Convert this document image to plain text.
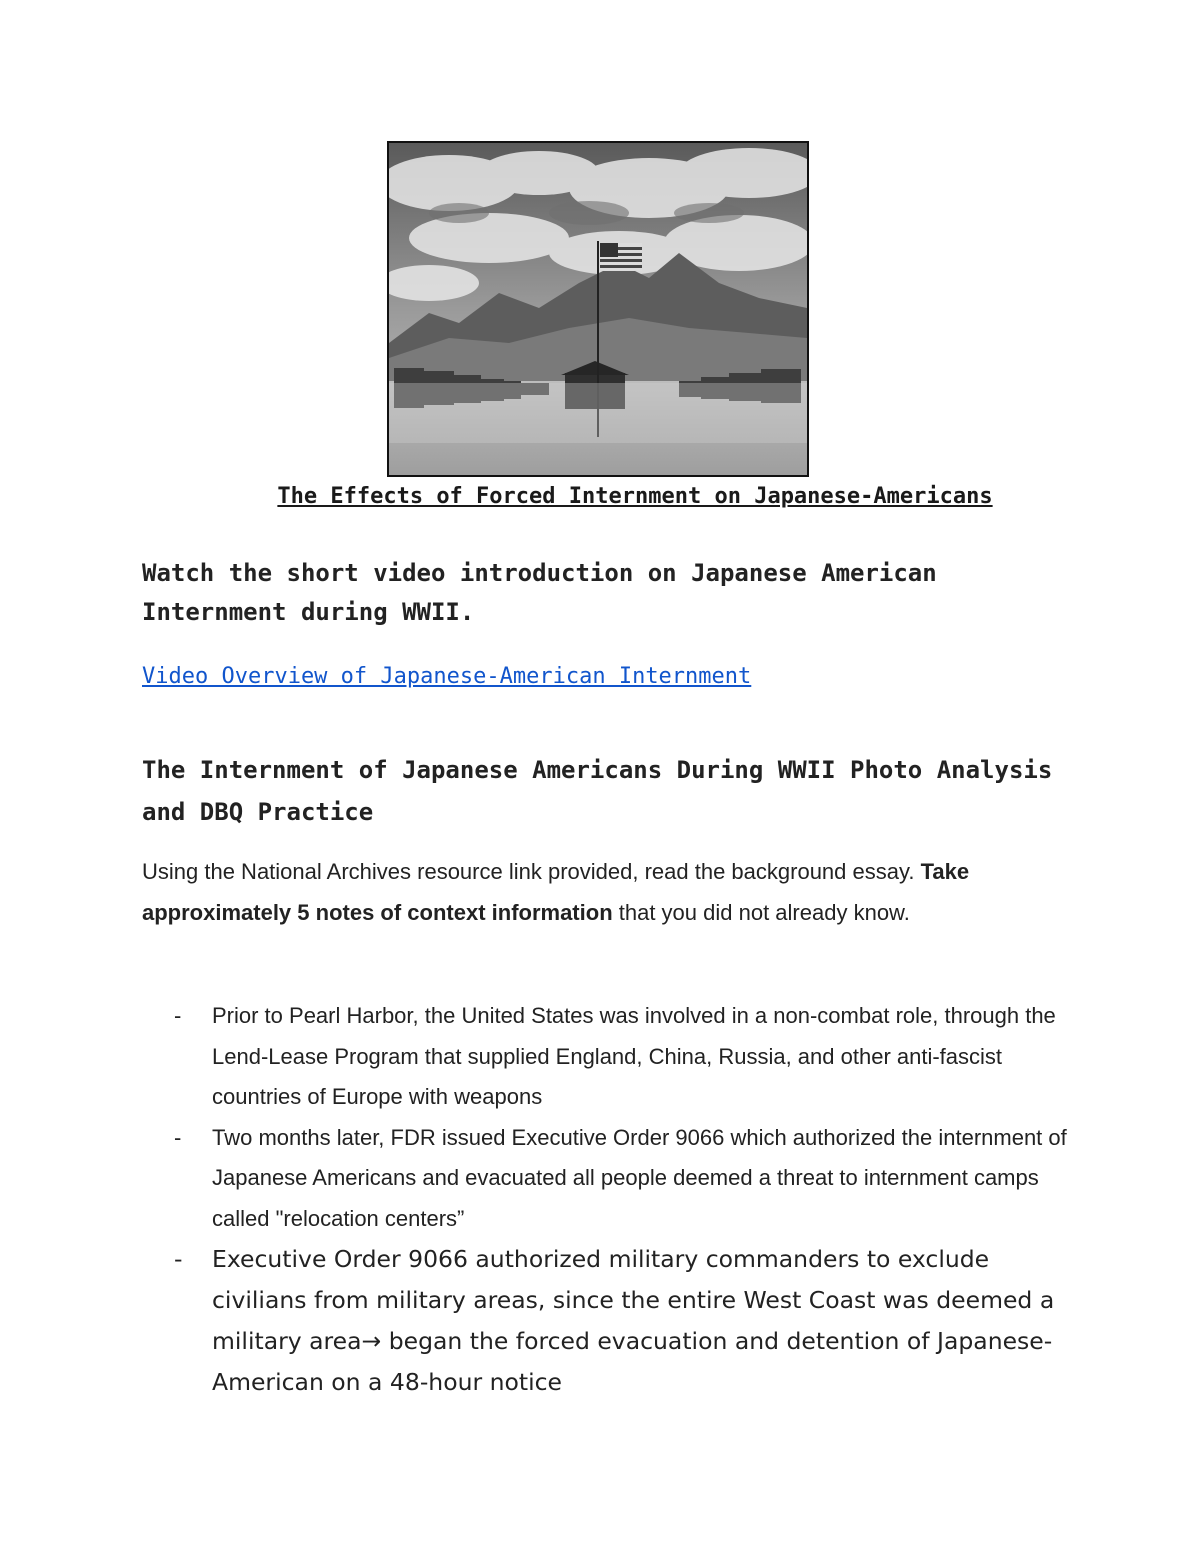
The Effects of Forced Internment on Japanese-Americans

Watch the short video introduction on Japanese American Internment during WWII.

Video Overview of Japanese-American Internment
The Internment of Japanese Americans During WWII Photo Analysis and DBQ Practice

Using the National Archives resource link provided, read the background essay. Take approximately 5 notes of context information that you did not already know.

- Prior to Pearl Harbor, the United States was involved in a non-combat role, through the Lend-Lease Program that supplied England, China, Russia, and other anti-fascist countries of Europe with weapons
- Two months later, FDR issued Executive Order 9066 which authorized the internment of Japanese Americans and evacuated all people deemed a threat to internment camps called "relocation centers”
- Executive Order 9066 authorized military commanders to exclude civilians from military areas, since the entire West Coast was deemed a military area→ began the forced evacuation and detention of Japanese-American on a 48-hour notice
